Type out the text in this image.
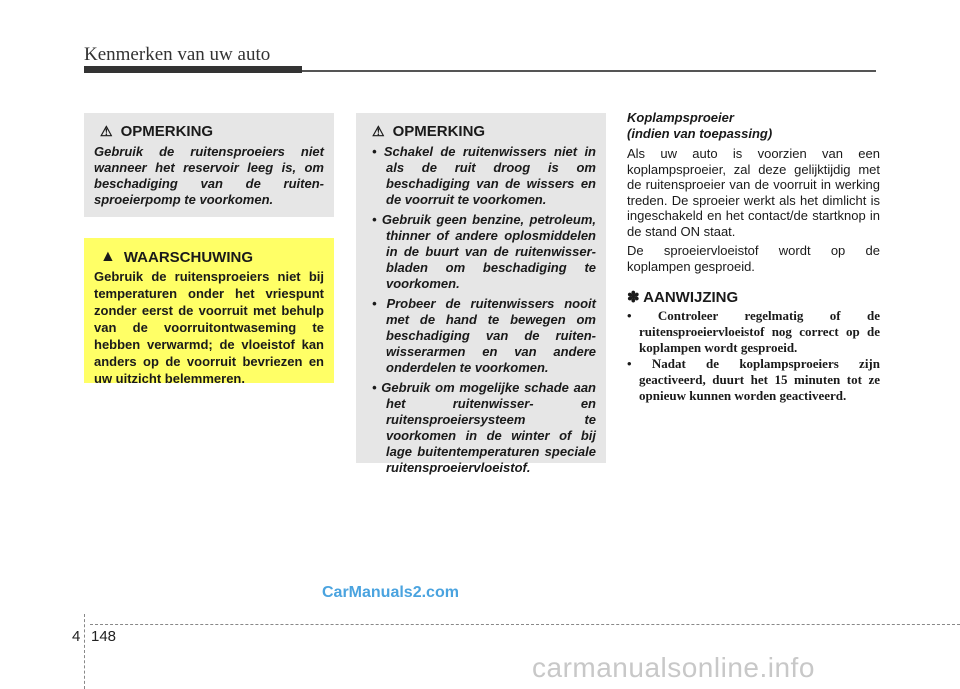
Kenmerken van uw auto
⚠ OPMERKING
Gebruik de ruitensproeiers niet wanneer het reservoir leeg is, om beschadiging van de ruiten-sproeierpomp te voorkomen.
▲ WAARSCHUWING
Gebruik de ruitensproeiers niet bij temperaturen onder het vriespunt zonder eerst de voorruit met behulp van de voorruitontwaseming te hebben verwarmd; de vloeistof kan anders op de voorruit bevriezen en uw uitzicht belemmeren.
⚠ OPMERKING
• Schakel de ruitenwissers niet in als de ruit droog is om beschadiging van de wissers en de voorruit te voorkomen.
• Gebruik geen benzine, petroleum, thinner of andere oplosmiddelen in de buurt van de ruitenwisser-bladen om beschadiging te voorkomen.
• Probeer de ruitenwissers nooit met de hand te bewegen om beschadiging van de ruiten-wisserarmen en van andere onderdelen te voorkomen.
• Gebruik om mogelijke schade aan het ruitenwisser- en ruitensproeiersysteem te voorkomen in de winter of bij lage buitentemperaturen speciale ruitensproeiervloeistof.
Koplampsproeier
(indien van toepassing)
Als uw auto is voorzien van een koplampsproeier, zal deze gelijktijdig met de ruitensproeier van de voorruit in werking treden. De sproeier werkt als het dimlicht is ingeschakeld en het contact/de startknop in de stand ON staat.
De sproeiervloeistof wordt op de koplampen gesproeid.
✽ AANWIJZING
• Controleer regelmatig of de ruitensproeiervloeistof nog correct op de koplampen wordt gesproeid.
• Nadat de koplampsproeiers zijn geactiveerd, duurt het 15 minuten tot ze opnieuw kunnen worden geactiveerd.
CarManuals2.com
4 148
carmanualsonline.info
